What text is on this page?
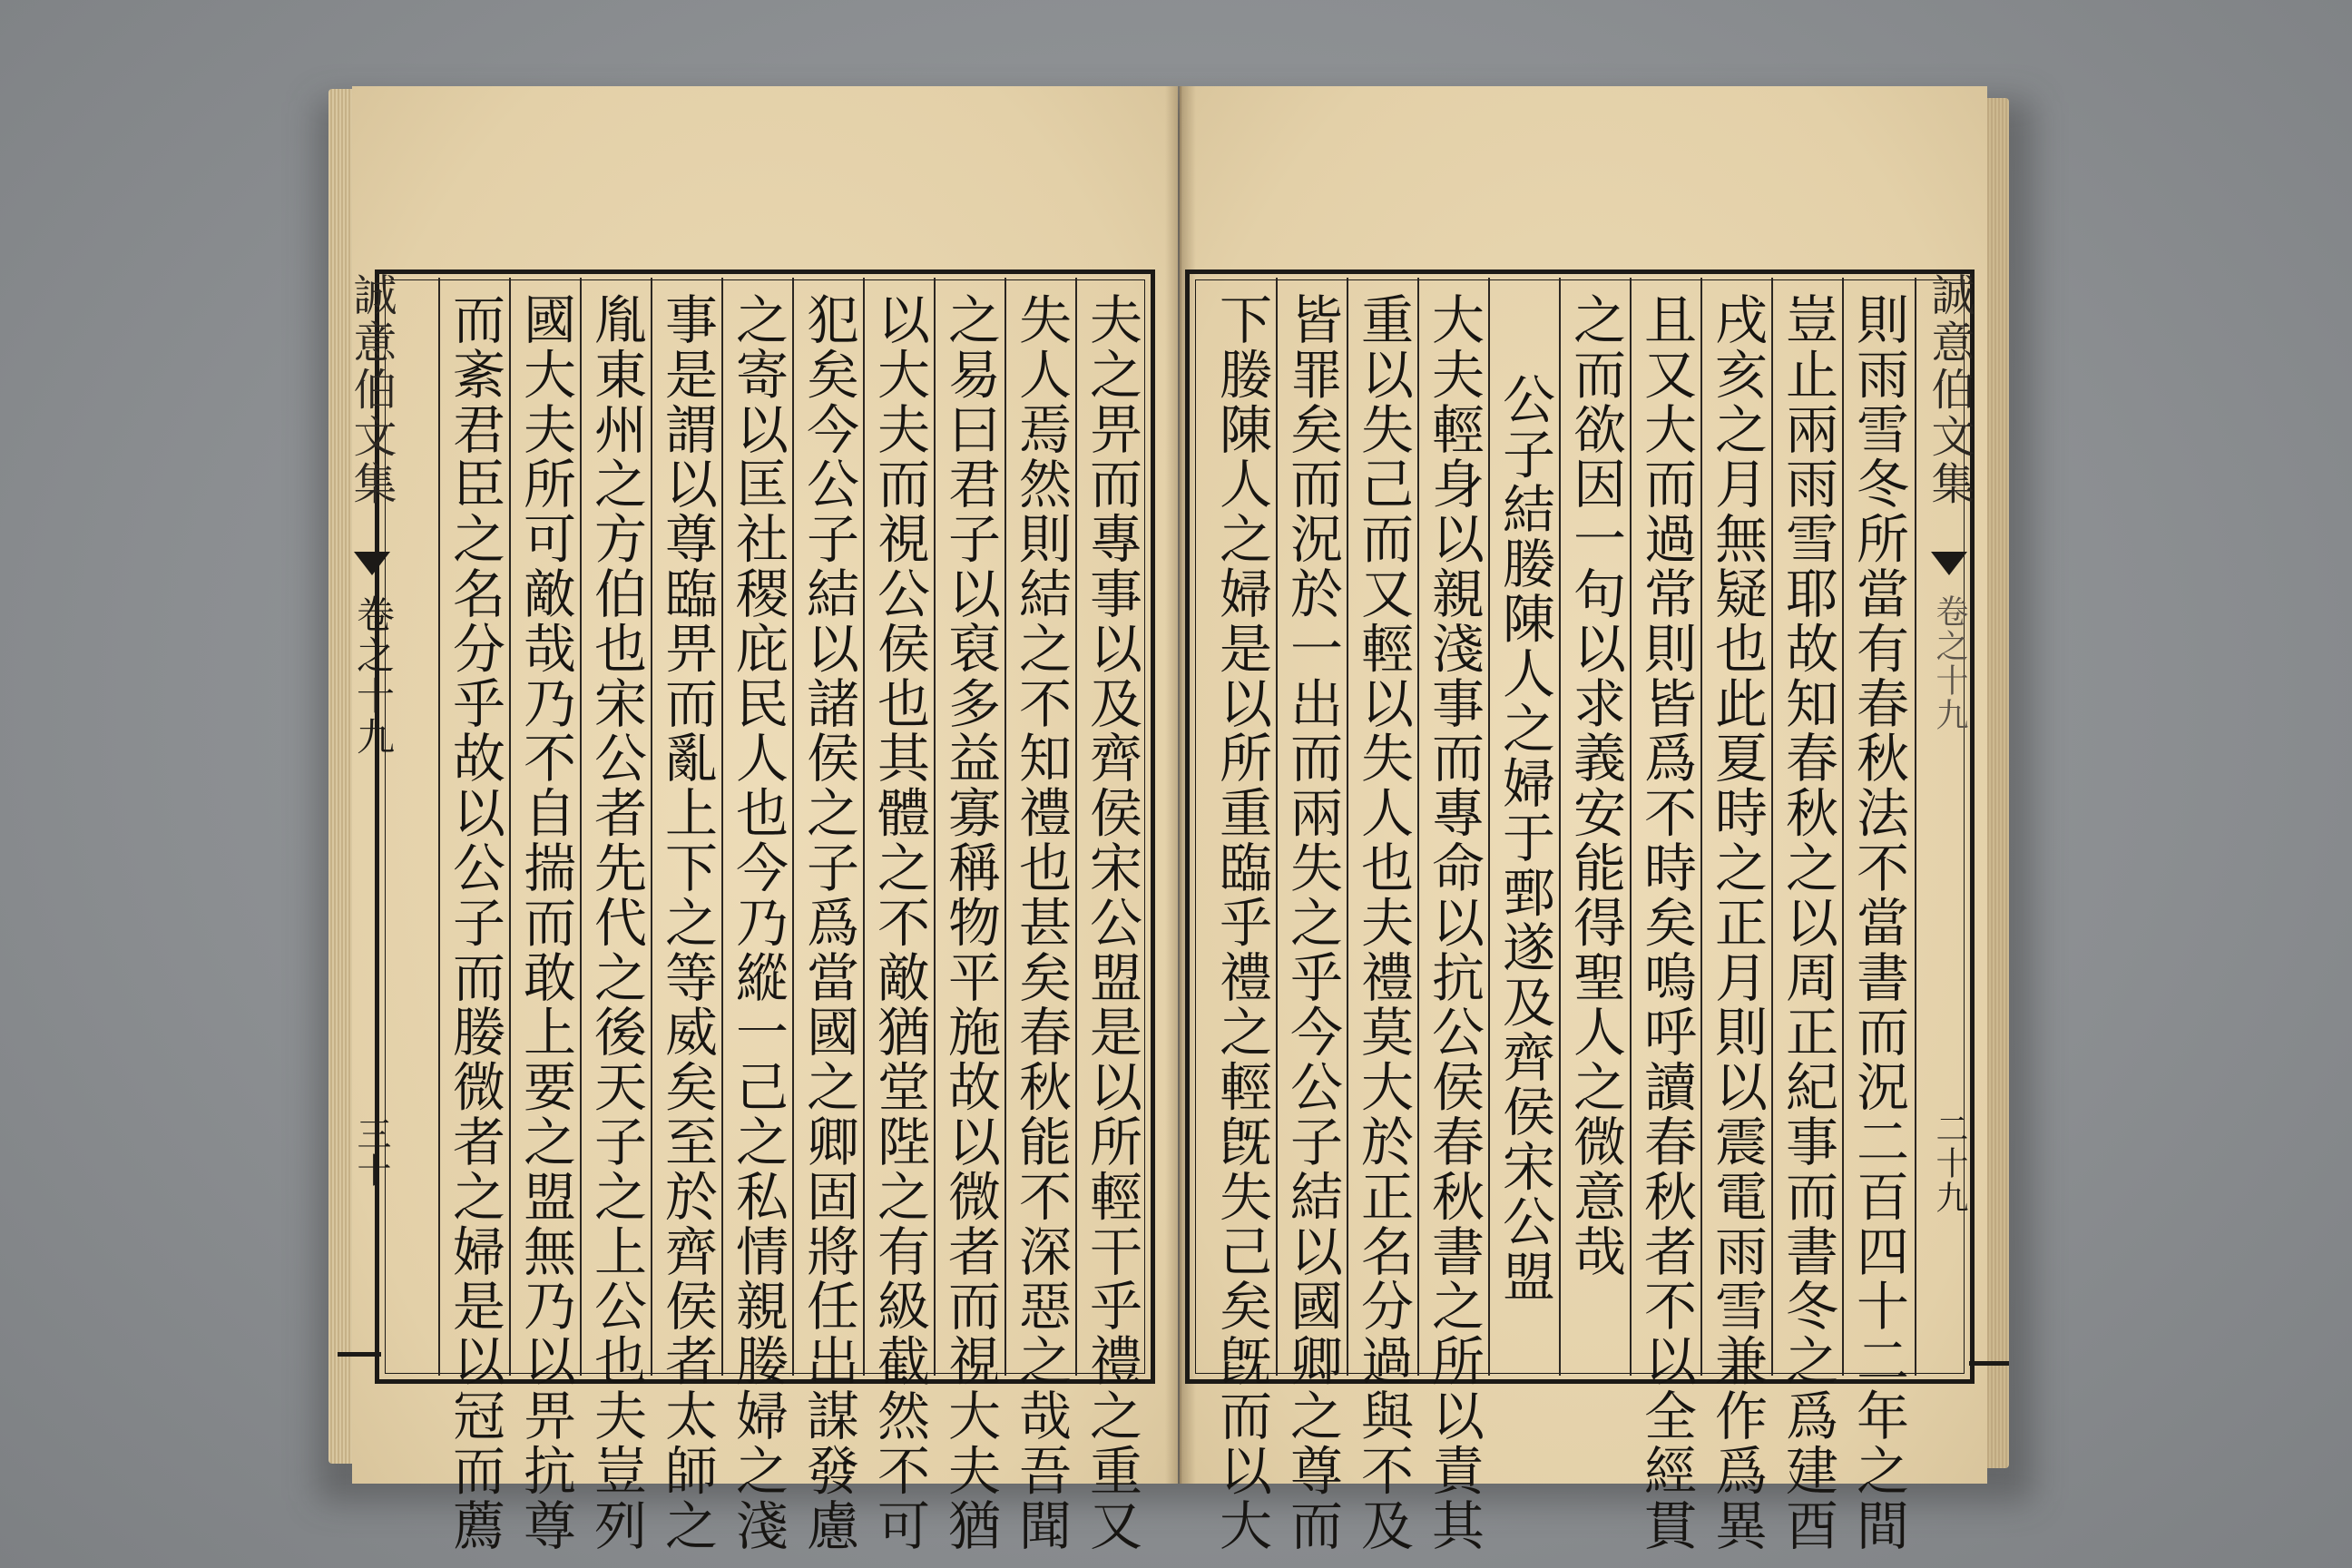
誠意伯文集
卷之十九
三十	夫之畀而專事以及齊侯宋公盟是以所輕干乎禮之重又
失人焉然則結之不知禮也甚矣春秋能不深惡之哉吾聞
之易曰君子以裒多益寡稱物平施故以微者而視大夫猶
以大夫而視公侯也其體之不敵猶堂陛之有級截然不可
犯矣今公子結以諸侯之子爲當國之卿固將任出謀發慮
之寄以匡社稷庇民人也今乃縱一己之私情親媵婦之淺
事是謂以尊臨畀而亂上下之等威矣至於齊侯者太師之
胤東州之方伯也宋公者先代之後天子之上公也夫豈列
國大夫所可敵哉乃不自揣而敢上要之盟無乃以畀抗尊
而紊君臣之名分乎故以公子而媵微者之婦是以冠而薦	誠意伯文集
卷之十九
二十九
則雨雪冬所當有春秋法不當書而況二百四十二年之間
豈止兩雨雪耶故知春秋之以周正紀事而書冬之爲建酉
戌亥之月無疑也此夏時之正月則以震電雨雪兼作爲異
且又大而過常則皆爲不時矣嗚呼讀春秋者不以全經貫
之而欲因一句以求義安能得聖人之微意哉
公子結媵陳人之婦于鄄遂及齊侯宋公盟
大夫輕身以親淺事而專命以抗公侯春秋書之所以責其
重以失己而又輕以失人也夫禮莫大於正名分過與不及
皆罪矣而況於一出而兩失之乎今公子結以國卿之尊而
下媵陳人之婦是以所重臨乎禮之輕旣失己矣旣而以大
